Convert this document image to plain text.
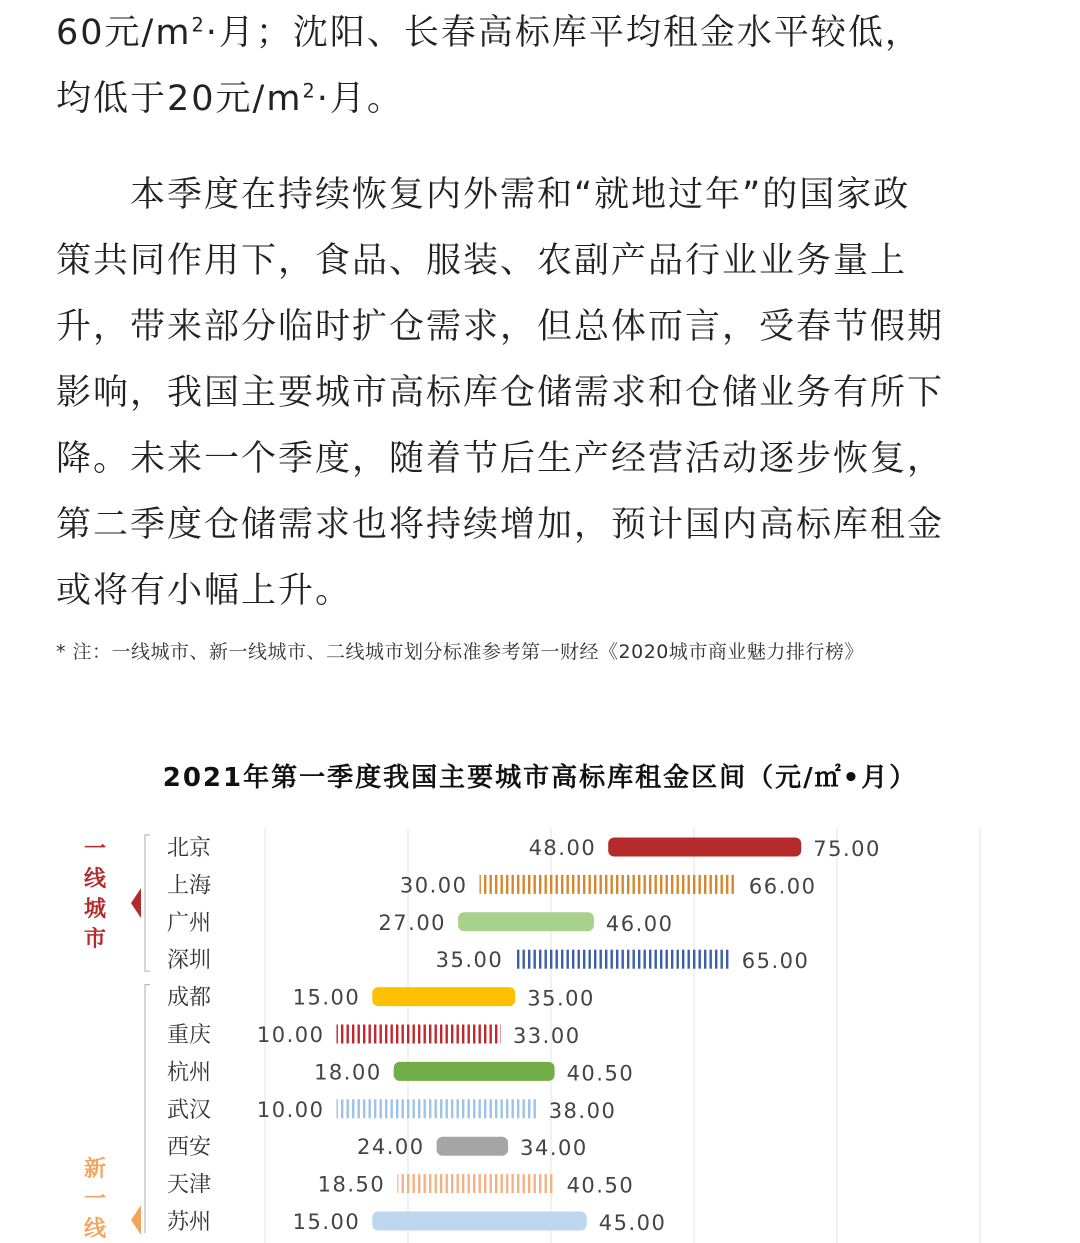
60元$/m^2\cdot$月；沈阳、长春高标库平均租金水平较低，
均低于20元$/m^2\cdot$月。
本季度在持续恢复内外需和“就地过年”的国家政
策共同作用下，食品、服装、农副产品行业业务量上
升，带来部分临时扩仓需求，但总体而言，受春节假期
影响，我国主要城市高标库仓储需求和仓储业务有所下
降。未来一个季度，随着节后生产经营活动逐步恢复，
第二季度仓储需求也将持续增加，预计国内高标库租金
或将有小幅上升。
* 注：一线城市、新一线城市、二线城市划分标准参考第一财经《2020城市商业魅力排行榜》
2021年第一季度我国主要城市高标库租金区间（元/㎡•月）
一
线
城
市
新
一
线
北京	48.00	75.00
上海	30.00	66.00
广州	27.00	46.00
深圳	35.00	65.00
成都	15.00	35.00
重庆 10.00	33.00
杭州	18.00	40.50
武汉 10.00	38.00
西安	24.00	34.00
天津	18.50	40.50
苏州	15.00	45.00
